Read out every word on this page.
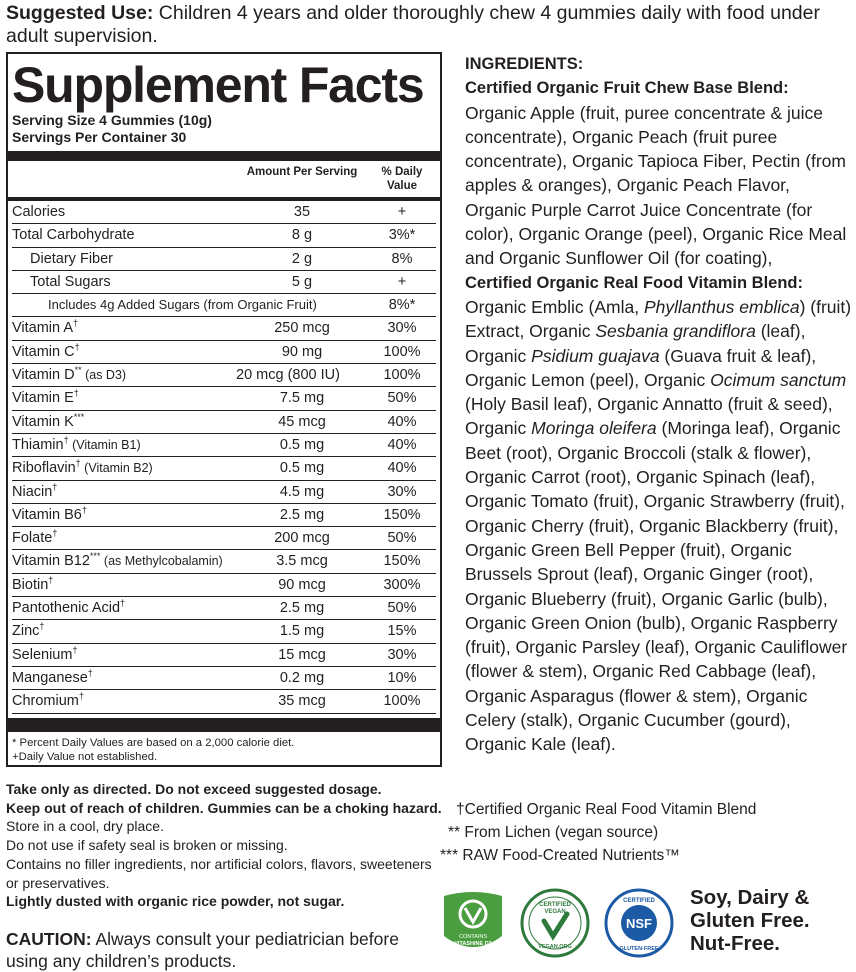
Suggested Use: Children 4 years and older thoroughly chew 4 gummies daily with food under adult supervision.
Supplement Facts
Serving Size 4 Gummies (10g)
Servings Per Container 30
Amount Per Serving	% Daily Value
Calories	35	+
Total Carbohydrate	8 g	3%*
Dietary Fiber	2 g	8%
Total Sugars	5 g	+
Includes 4g Added Sugars (from Organic Fruit)	8%*
Vitamin A†	250 mcg	30%
Vitamin C†	90 mg	100%
Vitamin D** (as D3)	20 mcg (800 IU)	100%
Vitamin E†	7.5 mg	50%
Vitamin K***	45 mcg	40%
Thiamin† (Vitamin B1)	0.5 mg	40%
Riboflavin† (Vitamin B2)	0.5 mg	40%
Niacin†	4.5 mg	30%
Vitamin B6†	2.5 mg	150%
Folate†	200 mcg	50%
Vitamin B12*** (as Methylcobalamin)	3.5 mcg	150%
Biotin†	90 mcg	300%
Pantothenic Acid†	2.5 mg	50%
Zinc†	1.5 mg	15%
Selenium†	15 mcg	30%
Manganese†	0.2 mg	10%
Chromium†	35 mcg	100%
* Percent Daily Values are based on a 2,000 calorie diet.
+Daily Value not established.
INGREDIENTS:
Certified Organic Fruit Chew Base Blend:
Organic Apple (fruit, puree concentrate & juice concentrate), Organic Peach (fruit puree concentrate), Organic Tapioca Fiber, Pectin (from apples & oranges), Organic Peach Flavor, Organic Purple Carrot Juice Concentrate (for color), Organic Orange (peel), Organic Rice Meal and Organic Sunflower Oil (for coating),
Certified Organic Real Food Vitamin Blend:
Organic Emblic (Amla, Phyllanthus emblica) (fruit) Extract, Organic Sesbania grandiflora (leaf), Organic Psidium guajava (Guava fruit & leaf), Organic Lemon (peel), Organic Ocimum sanctum (Holy Basil leaf), Organic Annatto (fruit & seed), Organic Moringa oleifera (Moringa leaf), Organic Beet (root), Organic Broccoli (stalk & flower), Organic Carrot (root), Organic Spinach (leaf), Organic Tomato (fruit), Organic Strawberry (fruit), Organic Cherry (fruit), Organic Blackberry (fruit), Organic Green Bell Pepper (fruit), Organic Brussels Sprout (leaf), Organic Ginger (root), Organic Blueberry (fruit), Organic Garlic (bulb), Organic Green Onion (bulb), Organic Raspberry (fruit), Organic Parsley (leaf), Organic Cauliflower (flower & stem), Organic Red Cabbage (leaf), Organic Asparagus (flower & stem), Organic Celery (stalk), Organic Cucumber (gourd), Organic Kale (leaf).
Take only as directed. Do not exceed suggested dosage.
Keep out of reach of children. Gummies can be a choking hazard.
Store in a cool, dry place.
Do not use if safety seal is broken or missing.
Contains no filler ingredients, nor artificial colors, flavors, sweeteners or preservatives.
Lightly dusted with organic rice powder, not sugar.
CAUTION: Always consult your pediatrician before using any children’s products.
†Certified Organic Real Food Vitamin Blend
** From Lichen (vegan source)
*** RAW Food-Created Nutrients™
CONTAINS
VITASHINE D3
CERTIFIED
VEGAN
VEGAN.ORG
CERTIFIED
NSF
GLUTEN-FREE
Soy, Dairy &
Gluten Free.
Nut-Free.
